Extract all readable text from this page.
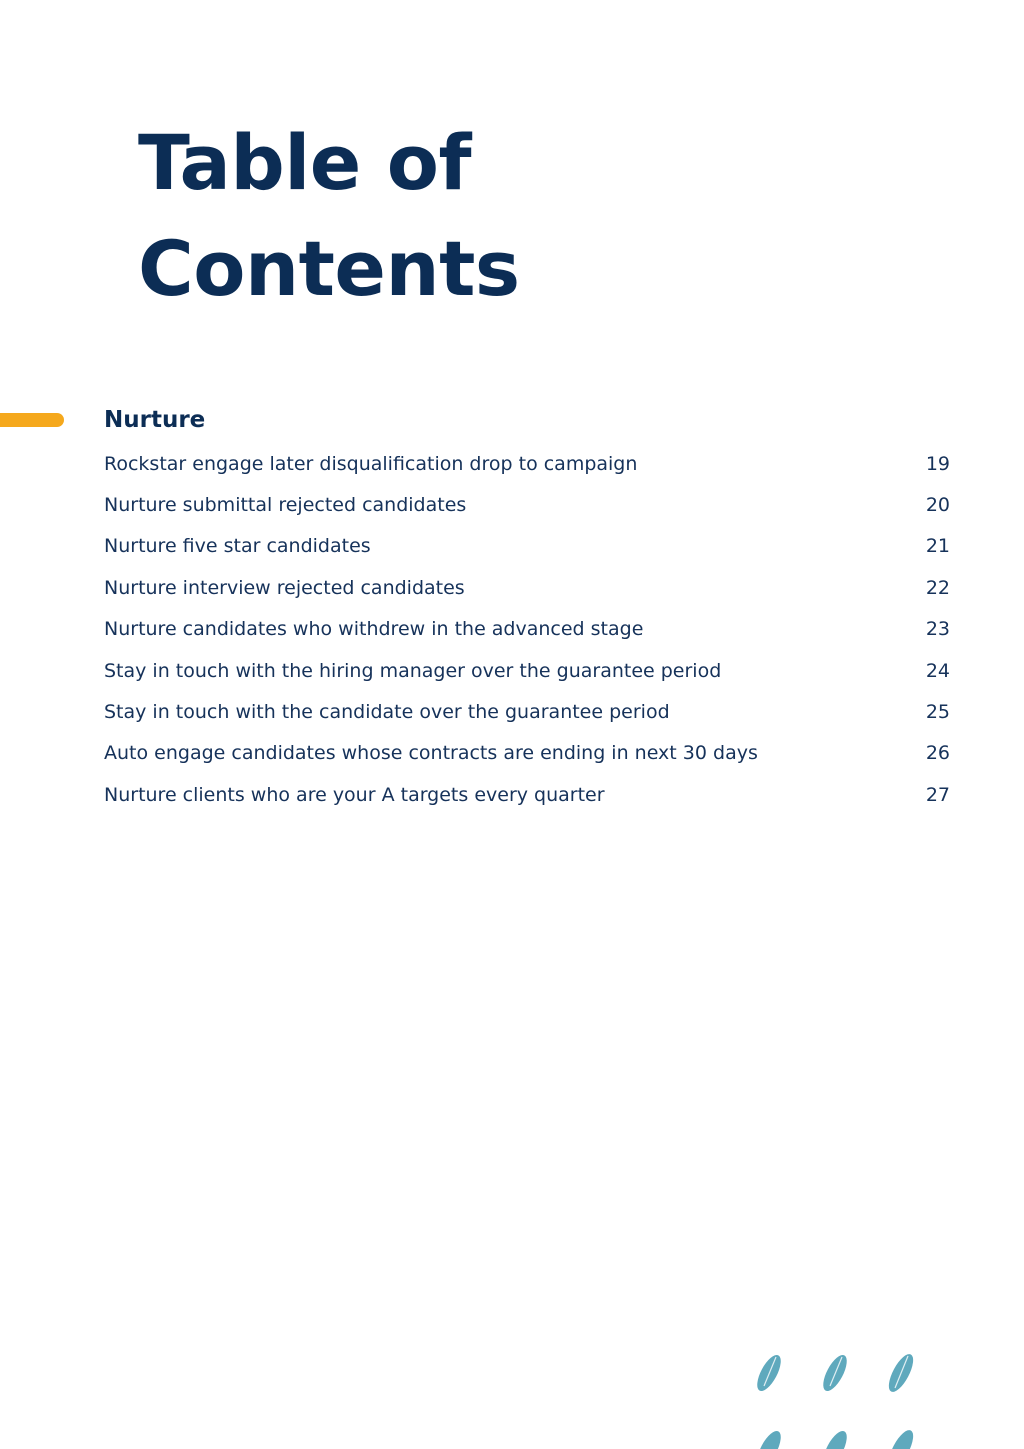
Table of
Contents
Nurture
Rockstar engage later disqualification drop to campaign	19
Nurture submittal rejected candidates	20
Nurture five star candidates	21
Nurture interview rejected candidates	22
Nurture candidates who withdrew in the advanced stage	23
Stay in touch with the hiring manager over the guarantee period	24
Stay in touch with the candidate over the guarantee period	25
Auto engage candidates whose contracts are ending in next 30 days	26
Nurture clients who are your A targets every quarter	27
